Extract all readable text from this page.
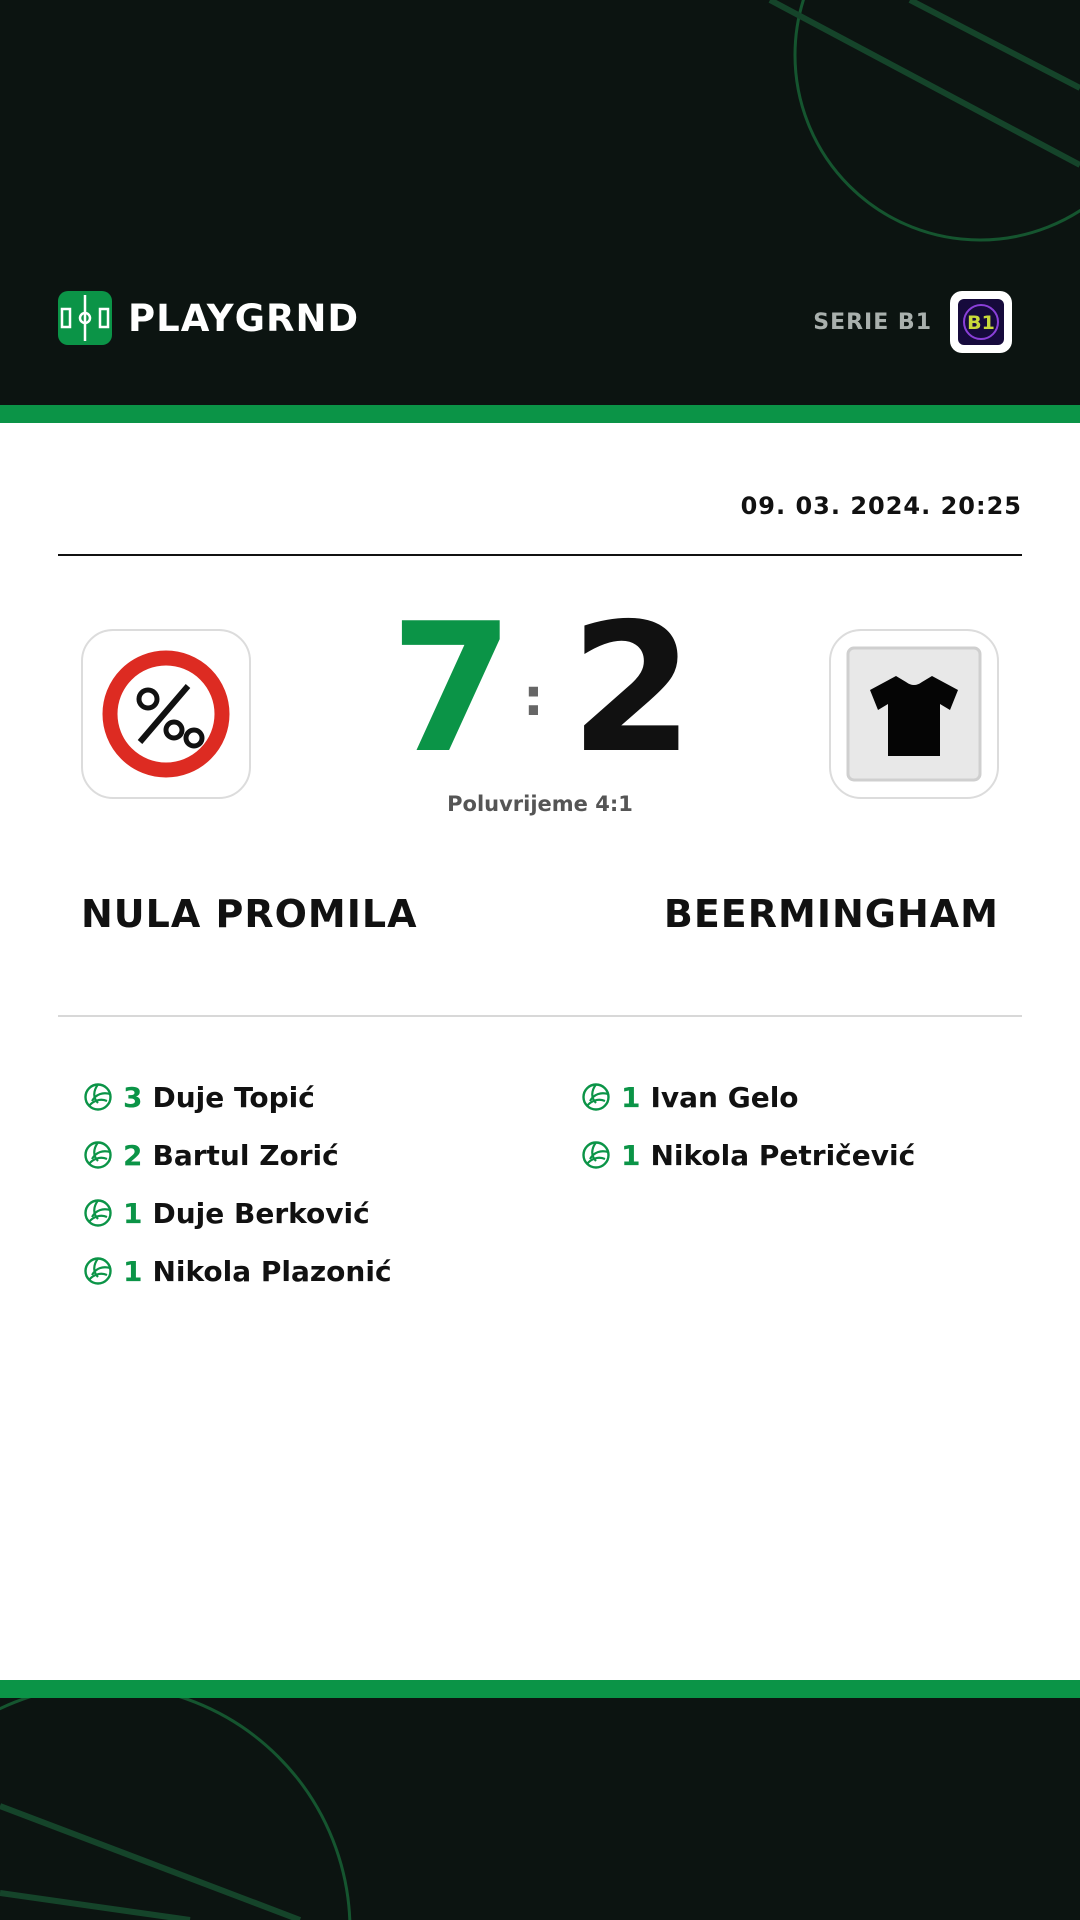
PLAYGRND	SERIE B1 B1
09. 03. 2024. 20:25
7 : 2
Poluvrijeme 4:1
NULA PROMILA	BEERMINGHAM
3 Duje Topić
2 Bartul Zorić
1 Duje Berković
1 Nikola Plazonić
1 Ivan Gelo
1 Nikola Petričević
